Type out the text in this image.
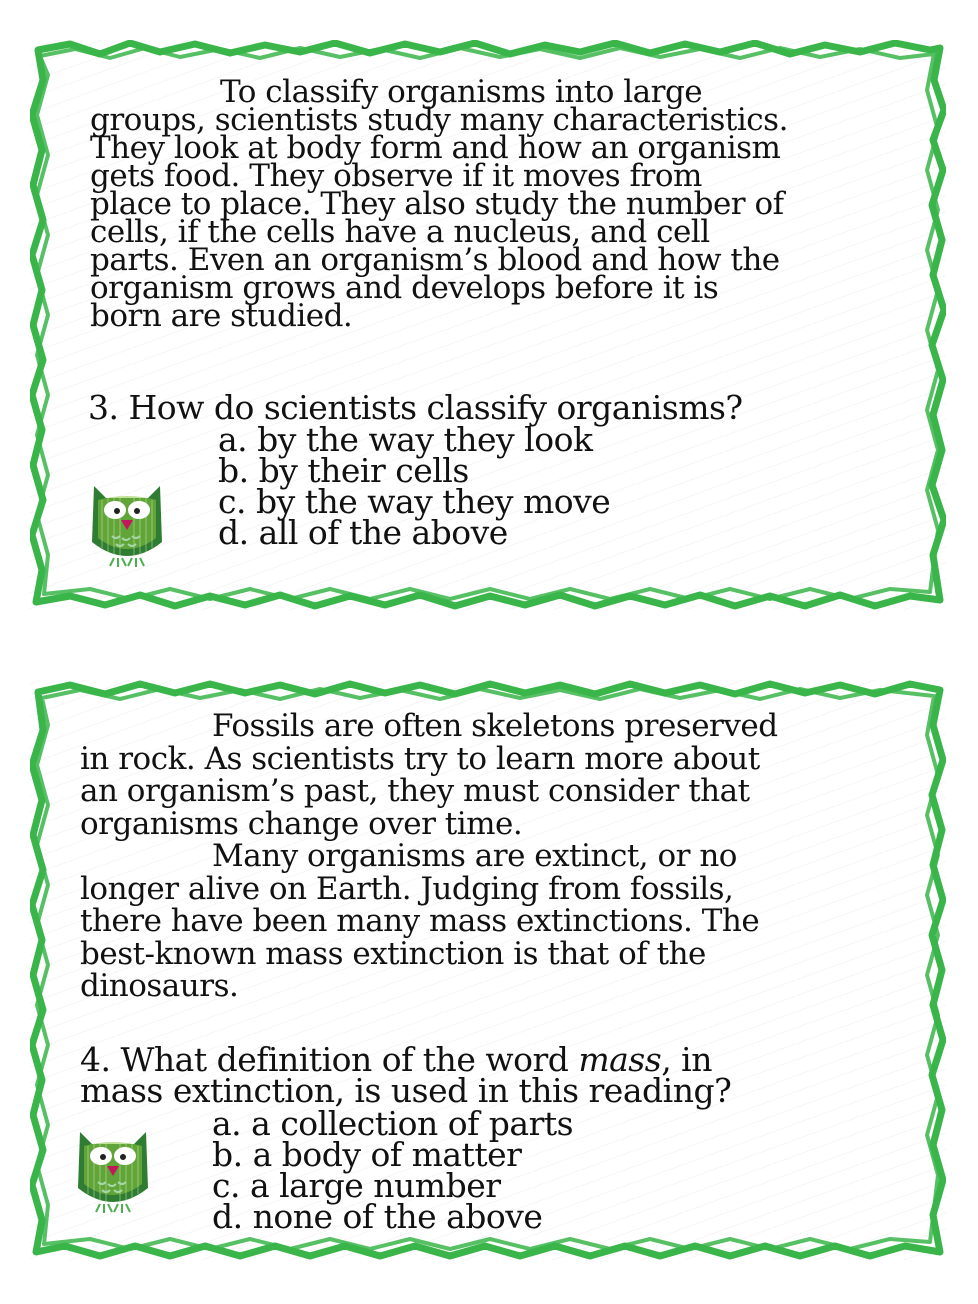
To classify organisms into large
groups, scientists study many characteristics.
They look at body form and how an organism
gets food. They observe if it moves from
place to place. They also study the number of
cells, if the cells have a nucleus, and cell
parts. Even an organism’s blood and how the
organism grows and develops before it is
born are studied.
3. How do scientists classify organisms?
a. by the way they look
b. by their cells
c. by the way they move
d. all of the above
Fossils are often skeletons preserved
in rock. As scientists try to learn more about
an organism’s past, they must consider that
organisms change over time.
Many organisms are extinct, or no
longer alive on Earth. Judging from fossils,
there have been many mass extinctions. The
best-known mass extinction is that of the
dinosaurs.
4. What definition of the word mass, in
mass extinction, is used in this reading?
a. a collection of parts
b. a body of matter
c. a large number
d. none of the above
